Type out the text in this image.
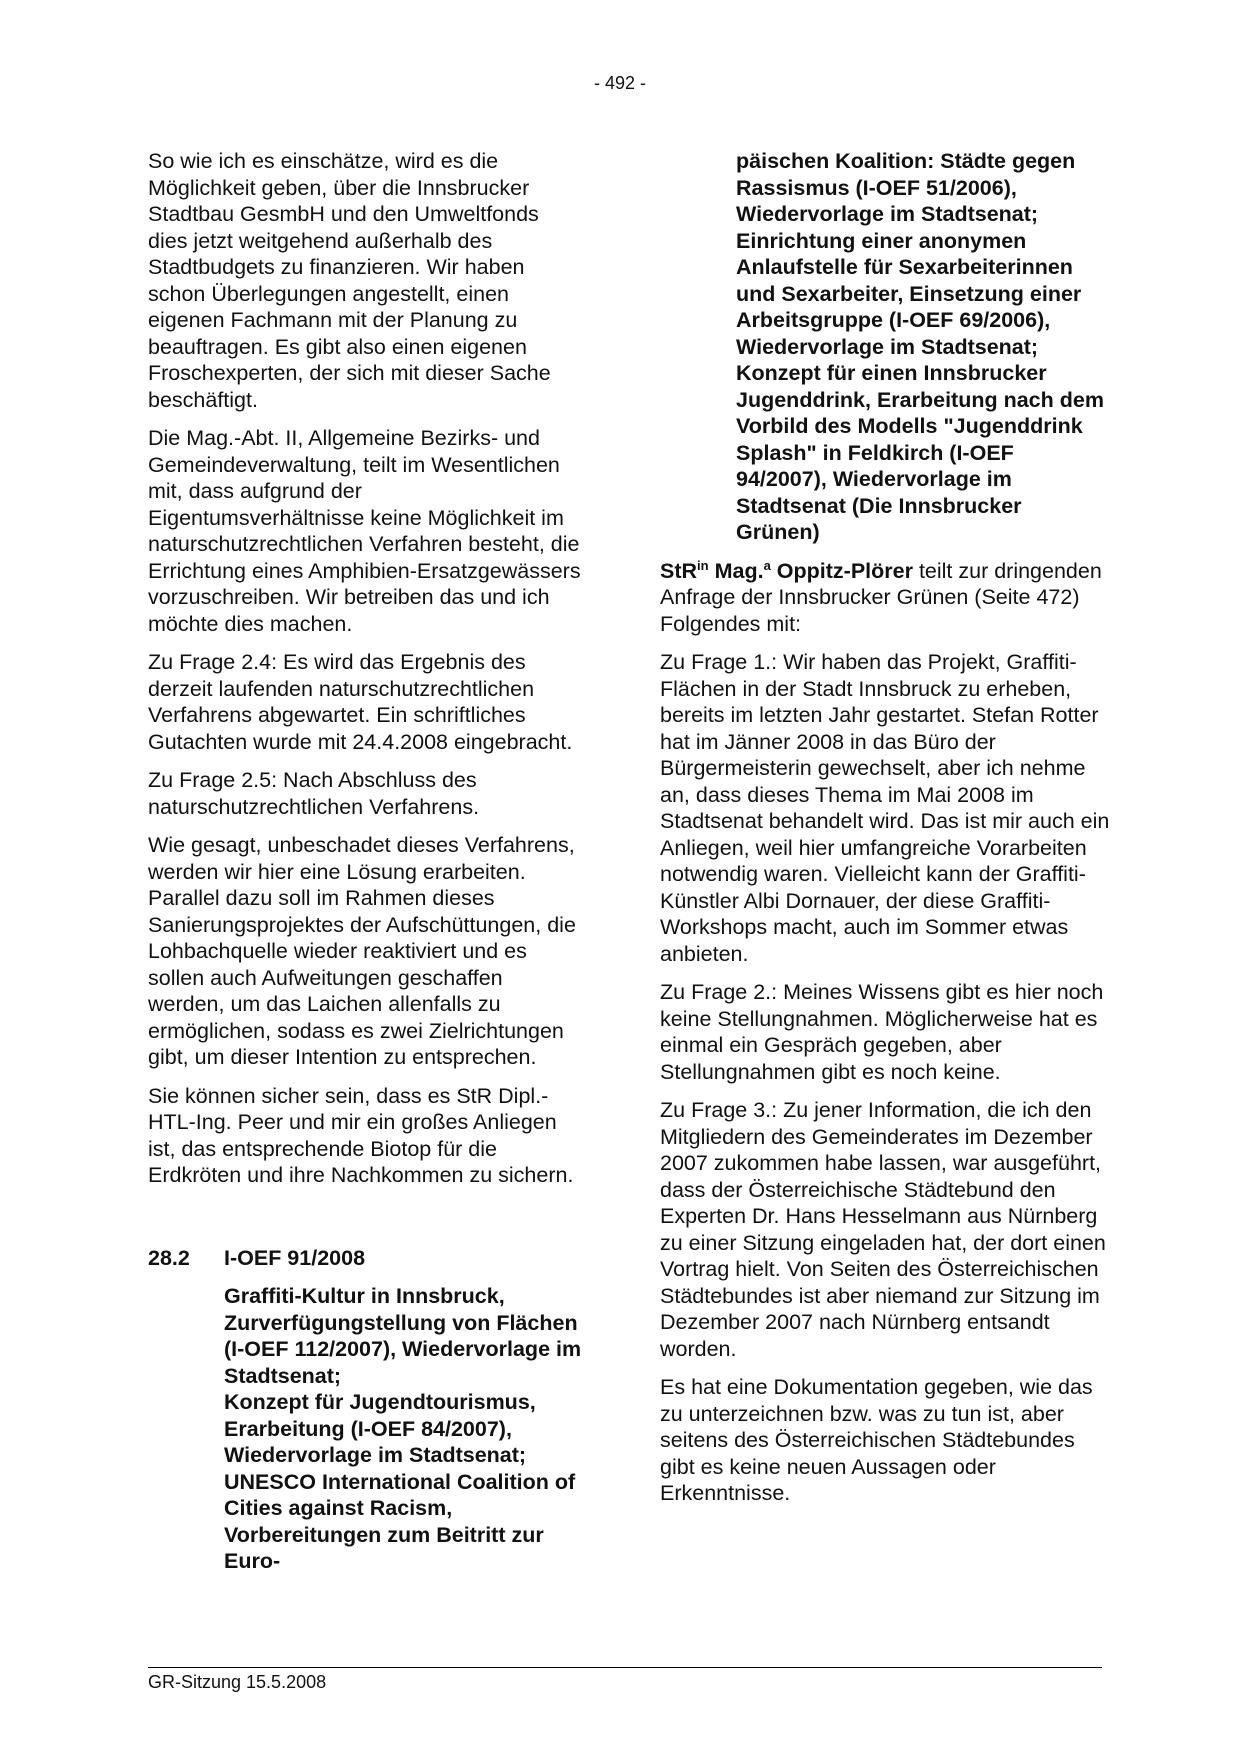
- 492 -

So wie ich es einschätze, wird es die Möglichkeit geben, über die Innsbrucker Stadtbau GesmbH und den Umweltfonds dies jetzt weitgehend außerhalb des Stadtbudgets zu finanzieren. Wir haben schon Überlegungen angestellt, einen eigenen Fachmann mit der Planung zu beauftragen. Es gibt also einen eigenen Froschexperten, der sich mit dieser Sache beschäftigt.

Die Mag.-Abt. II, Allgemeine Bezirks- und Gemeindeverwaltung, teilt im Wesentlichen mit, dass aufgrund der Eigentumsverhältnisse keine Möglichkeit im naturschutzrechtlichen Verfahren besteht, die Errichtung eines Amphibien-Ersatzgewässers vorzuschreiben. Wir betreiben das und ich möchte dies machen.

Zu Frage 2.4: Es wird das Ergebnis des derzeit laufenden naturschutzrechtlichen Verfahrens abgewartet. Ein schriftliches Gutachten wurde mit 24.4.2008 eingebracht.

Zu Frage 2.5: Nach Abschluss des naturschutzrechtlichen Verfahrens.

Wie gesagt, unbeschadet dieses Verfahrens, werden wir hier eine Lösung erarbeiten. Parallel dazu soll im Rahmen dieses Sanierungsprojektes der Aufschüttungen, die Lohbachquelle wieder reaktiviert und es sollen auch Aufweitungen geschaffen werden, um das Laichen allenfalls zu ermöglichen, sodass es zwei Zielrichtungen gibt, um dieser Intention zu entsprechen.

Sie können sicher sein, dass es StR Dipl.-HTL-Ing. Peer und mir ein großes Anliegen ist, das entsprechende Biotop für die Erdkröten und ihre Nachkommen zu sichern.

28.2	I-OEF 91/2008
Graffiti-Kultur in Innsbruck, Zurverfügungstellung von Flächen (I-OEF 112/2007), Wiedervorlage im Stadtsenat;
Konzept für Jugendtourismus, Erarbeitung (I-OEF 84/2007), Wiedervorlage im Stadtsenat;
UNESCO International Coalition of Cities against Racism, Vorbereitungen zum Beitritt zur Euro-
päischen Koalition: Städte gegen Rassismus (I-OEF 51/2006), Wiedervorlage im Stadtsenat;
Einrichtung einer anonymen Anlaufstelle für Sexarbeiterinnen und Sexarbeiter, Einsetzung einer Arbeitsgruppe (I-OEF 69/2006), Wiedervorlage im Stadtsenat;
Konzept für einen Innsbrucker Jugenddrink, Erarbeitung nach dem Vorbild des Modells "Jugenddrink Splash" in Feldkirch (I-OEF 94/2007), Wiedervorlage im Stadtsenat (Die Innsbrucker Grünen)

StR$^{in}$ Mag.$^a$ Oppitz-Plörer teilt zur dringenden Anfrage der Innsbrucker Grünen (Seite 472) Folgendes mit:

Zu Frage 1.: Wir haben das Projekt, Graffiti-Flächen in der Stadt Innsbruck zu erheben, bereits im letzten Jahr gestartet. Stefan Rotter hat im Jänner 2008 in das Büro der Bürgermeisterin gewechselt, aber ich nehme an, dass dieses Thema im Mai 2008 im Stadtsenat behandelt wird. Das ist mir auch ein Anliegen, weil hier umfangreiche Vorarbeiten notwendig waren. Vielleicht kann der Graffiti-Künstler Albi Dornauer, der diese Graffiti-Workshops macht, auch im Sommer etwas anbieten.

Zu Frage 2.: Meines Wissens gibt es hier noch keine Stellungnahmen. Möglicherweise hat es einmal ein Gespräch gegeben, aber Stellungnahmen gibt es noch keine.

Zu Frage 3.: Zu jener Information, die ich den Mitgliedern des Gemeinderates im Dezember 2007 zukommen habe lassen, war ausgeführt, dass der Österreichische Städtebund den Experten Dr. Hans Hesselmann aus Nürnberg zu einer Sitzung eingeladen hat, der dort einen Vortrag hielt. Von Seiten des Österreichischen Städtebundes ist aber niemand zur Sitzung im Dezember 2007 nach Nürnberg entsandt worden.

Es hat eine Dokumentation gegeben, wie das zu unterzeichnen bzw. was zu tun ist, aber seitens des Österreichischen Städtebundes gibt es keine neuen Aussagen oder Erkenntnisse.

GR-Sitzung 15.5.2008
